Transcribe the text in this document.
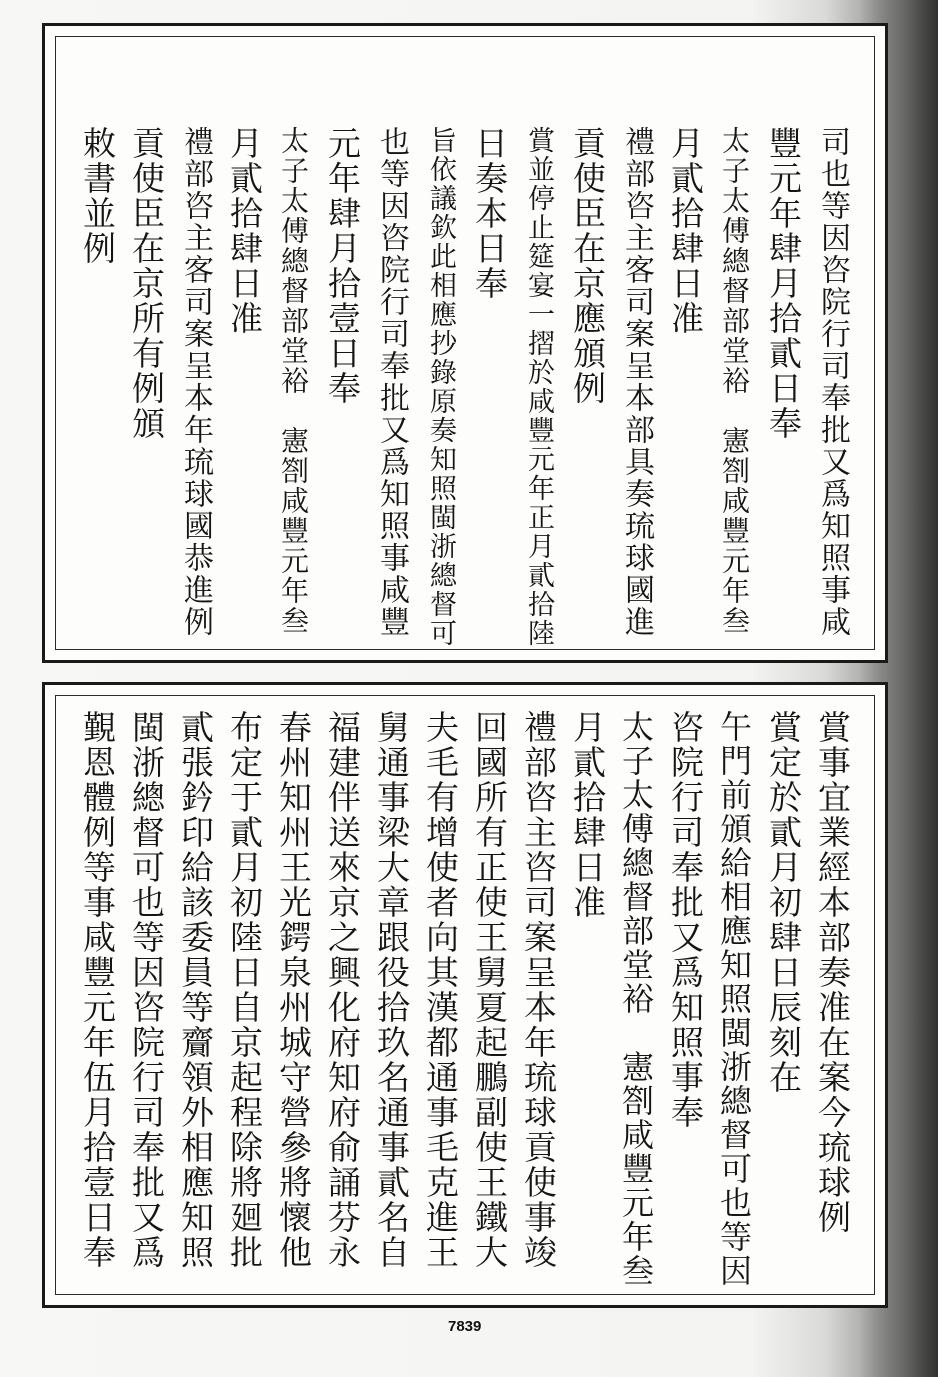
司也等因咨院行司奉批又爲知照事咸
豐元年肆月拾貳日奉
太子太傅總督部堂裕　憲劄咸豐元年叁
月貳拾肆日准
禮部咨主客司案呈本部具奏琉球國進
貢使臣在京應頒例
賞並停止筵宴一摺於咸豐元年正月貳拾陸
日奏本日奉
旨依議欽此相應抄錄原奏知照閩浙總督可
也等因咨院行司奉批又爲知照事咸豐
元年肆月拾壹日奉
太子太傅總督部堂裕　憲劄咸豐元年叁
月貳拾肆日准
禮部咨主客司案呈本年琉球國恭進例
貢使臣在京所有例頒
敕書並例
賞事宜業經本部奏准在案今琉球例
賞定於貳月初肆日辰刻在
午門前頒給相應知照閩浙總督可也等因
咨院行司奉批又爲知照事奉
太子太傅總督部堂裕　憲劄咸豐元年叁
月貳拾肆日准
禮部咨主咨司案呈本年琉球貢使事竣
回國所有正使王舅夏起鵬副使王鐵大
夫毛有增使者向其漢都通事毛克進王
舅通事梁大章跟役拾玖名通事貳名自
福建伴送來京之興化府知府俞誦芬永
春州知州王光鍔泉州城守營參將懷他
布定于貳月初陸日自京起程除將廻批
貳張鈐印給該委員等齎領外相應知照
閩浙總督可也等因咨院行司奉批又爲
覲恩體例等事咸豐元年伍月拾壹日奉
7839
